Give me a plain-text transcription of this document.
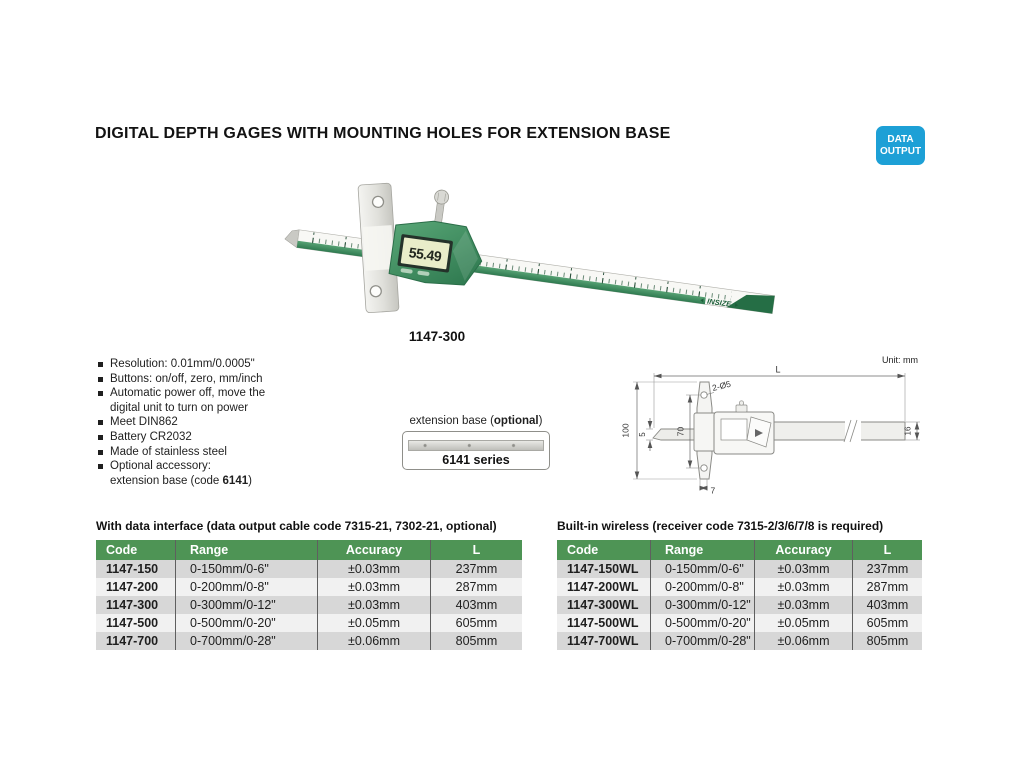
DIGITAL DEPTH GAGES WITH MOUNTING HOLES FOR EXTENSION BASE	DATA
OUTPUT
INSIZE
55.49
1147-300
Resolution: 0.01mm/0.0005"
Buttons: on/off, zero, mm/inch
Automatic power off, move the
digital unit to turn on power
Meet DIN862
Battery CR2032
Made of stainless steel
Optional accessory:
extension base (code 6141)
extension base (optional)
6141 series
L
Unit: mm
100	70
5
2-Ø5
7
16
With data interface (data output cable code 7315-21, 7302-21, optional)
Code	Range	Accuracy	L
1147-150	0-150mm/0-6"	±0.03mm	237mm
1147-200	0-200mm/0-8"	±0.03mm	287mm
1147-300	0-300mm/0-12"	±0.03mm	403mm
1147-500	0-500mm/0-20"	±0.05mm	605mm
1147-700	0-700mm/0-28"	±0.06mm	805mm
Built-in wireless (receiver code 7315-2/3/6/7/8 is required)
Code	Range	Accuracy	L
1147-150WL	0-150mm/0-6"	±0.03mm	237mm
1147-200WL	0-200mm/0-8"	±0.03mm	287mm
1147-300WL	0-300mm/0-12"	±0.03mm	403mm
1147-500WL	0-500mm/0-20"	±0.05mm	605mm
1147-700WL	0-700mm/0-28"	±0.06mm	805mm
